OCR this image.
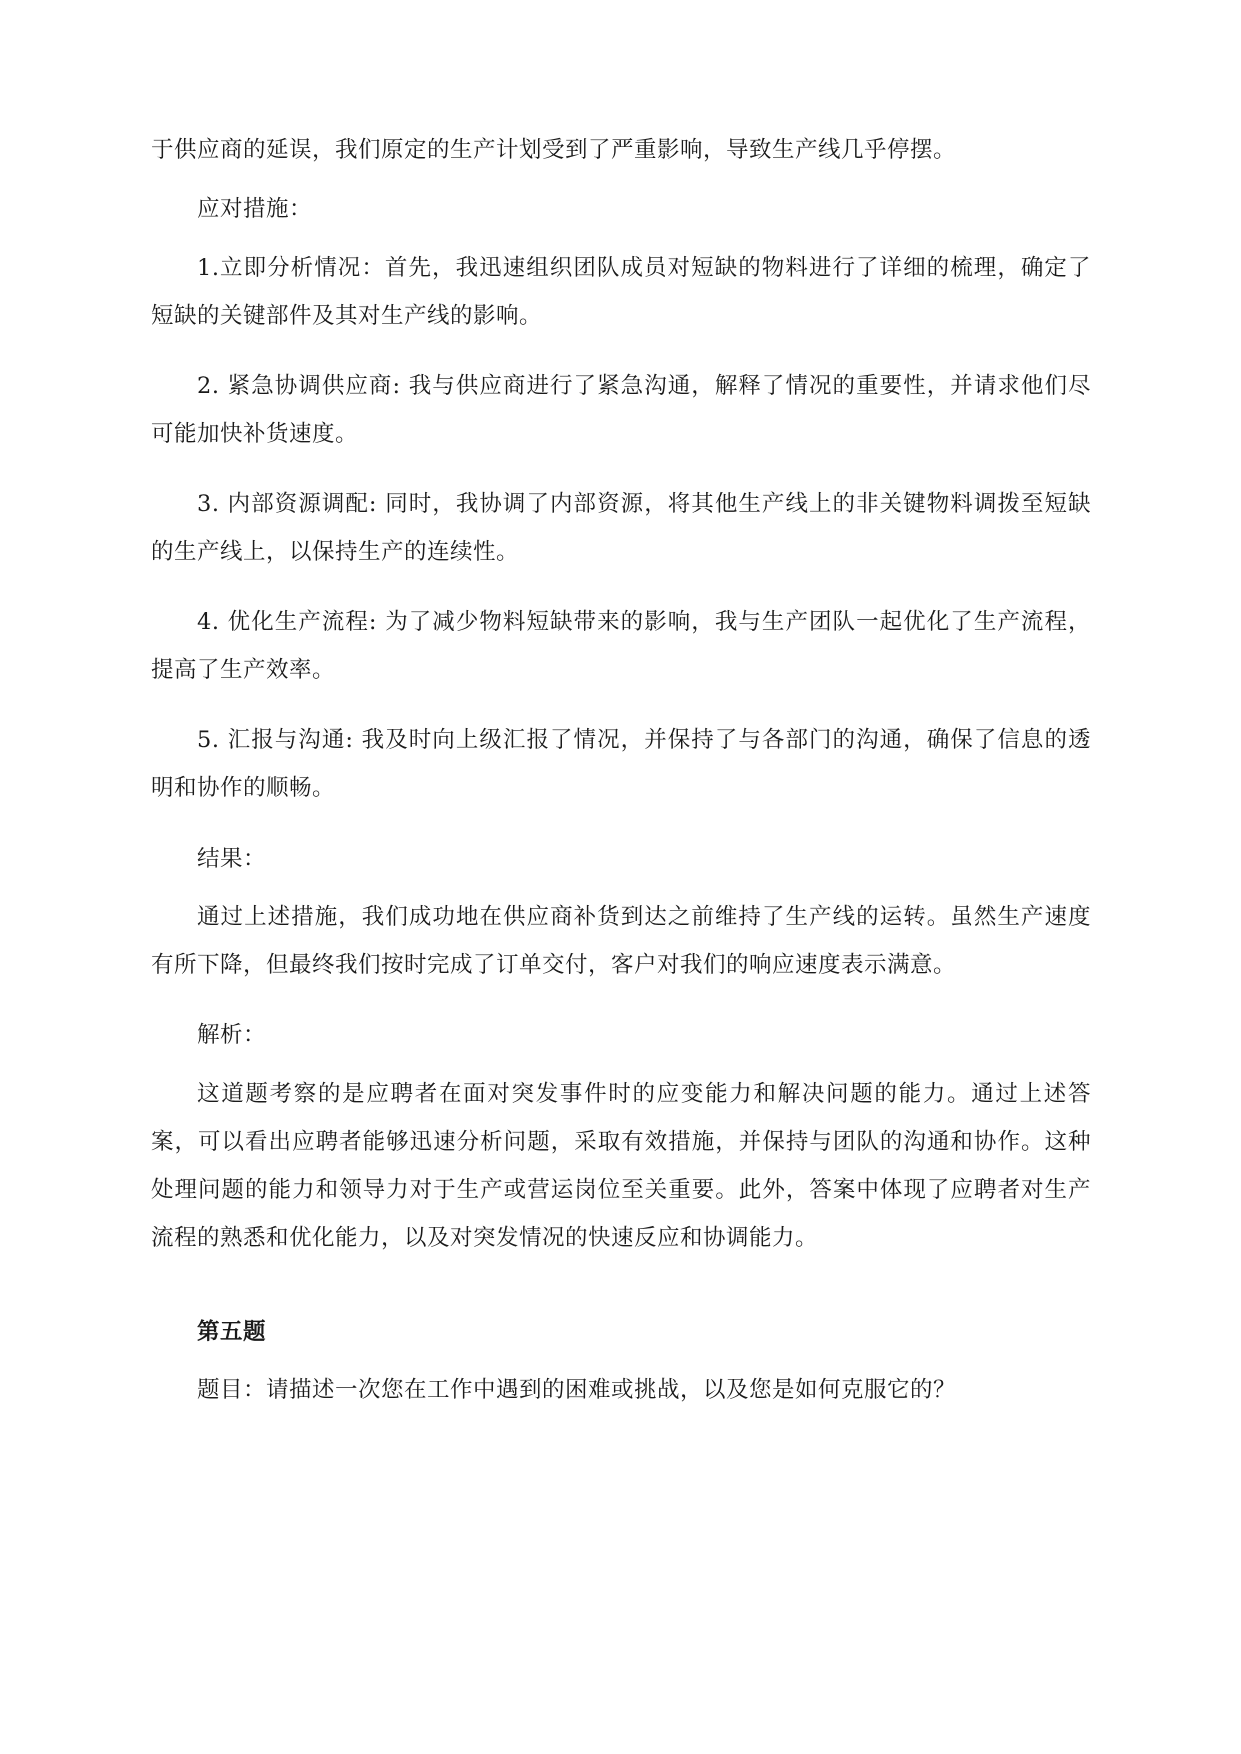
于供应商的延误，我们原定的生产计划受到了严重影响，导致生产线几乎停摆。

应对措施：

1.立即分析情况：首先，我迅速组织团队成员对短缺的物料进行了详细的梳理，确定了短缺的关键部件及其对生产线的影响。

2. 紧急协调供应商: 我与供应商进行了紧急沟通，解释了情况的重要性，并请求他们尽可能加快补货速度。

3. 内部资源调配: 同时，我协调了内部资源，将其他生产线上的非关键物料调拨至短缺的生产线上，以保持生产的连续性。

4. 优化生产流程: 为了减少物料短缺带来的影响，我与生产团队一起优化了生产流程，提高了生产效率。

5. 汇报与沟通: 我及时向上级汇报了情况，并保持了与各部门的沟通，确保了信息的透明和协作的顺畅。

结果：

通过上述措施，我们成功地在供应商补货到达之前维持了生产线的运转。虽然生产速度有所下降，但最终我们按时完成了订单交付，客户对我们的响应速度表示满意。

解析：

这道题考察的是应聘者在面对突发事件时的应变能力和解决问题的能力。通过上述答案，可以看出应聘者能够迅速分析问题，采取有效措施，并保持与团队的沟通和协作。这种处理问题的能力和领导力对于生产或营运岗位至关重要。此外，答案中体现了应聘者对生产流程的熟悉和优化能力，以及对突发情况的快速反应和协调能力。

第五题

题目：请描述一次您在工作中遇到的困难或挑战，以及您是如何克服它的？
